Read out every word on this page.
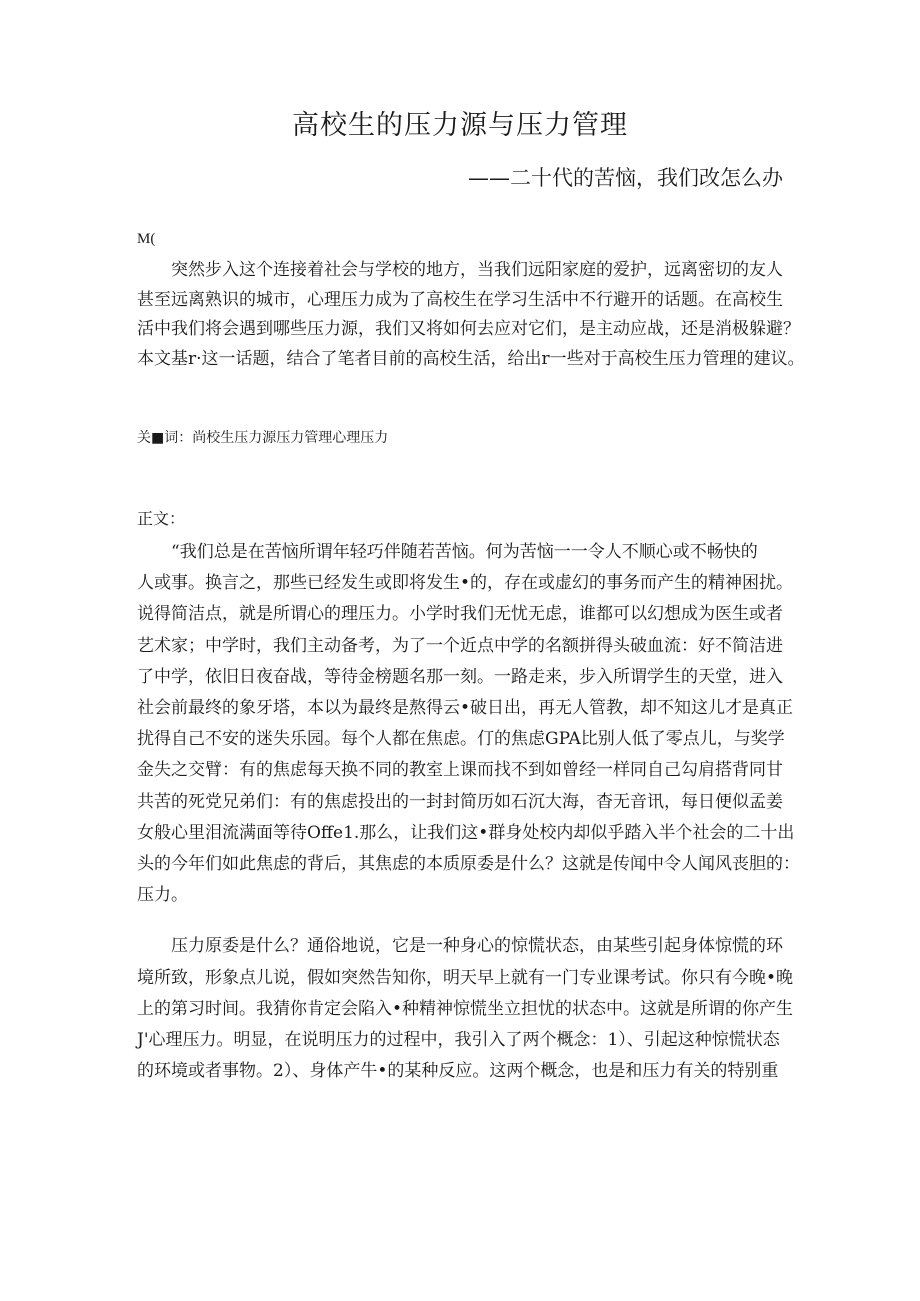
高校生的压力源与压力管理

——二十代的苦恼，我们改怎么办

M(
　　突然步入这个连接着社会与学校的地方，当我们远阳家庭的爱护，远离密切的友人
甚至远离熟识的城市，心理压力成为了高校生在学习生活中不行避开的话题。在高校生
活中我们将会遇到哪些压力源，我们又将如何去应对它们，是主动应战，还是消极躲避？
本文基r·这一话题，结合了笔者目前的高校生活，给出r一些对于高校生压力管理的建议。
关■词：尚校生压力源压力管理心理压力
正文：
　　“我们总是在苦恼所谓年轻巧伴随若苦恼。何为苦恼一一令人不顺心或不畅快的
人或事。换言之，那些已经发生或即将发生•的，存在或虚幻的事务而产生的精神困扰。
说得简洁点，就是所谓心的理压力。小学时我们无忧无虑，谁都可以幻想成为医生或者
艺术家；中学时，我们主动备考，为了一个近点中学的名额拼得头破血流：好不简洁进
了中学，依旧日夜奋战，等待金榜题名那一刻。一路走来，步入所谓学生的天堂，进入
社会前最终的象牙塔，本以为最终是熬得云•破日出，再无人管教，却不知这儿才是真正
扰得自己不安的迷失乐园。每个人都在焦虑。仃的焦虑GPA比别人低了零点儿，与奖学
金失之交臂：有的焦虑每天换不同的教室上课而找不到如曾经一样同自己勾肩搭背同甘
共苦的死党兄弟们：有的焦虑投出的一封封简历如石沉大海，杳无音讯，每日便似孟姜
女般心里泪流满面等待Offe1.那么，让我们这•群身处校内却似乎踏入半个社会的二十出
头的今年们如此焦虑的背后，其焦虑的本质原委是什么？这就是传闻中令人闻风丧胆的：
压力。
　　压力原委是什么？通俗地说，它是一种身心的惊慌状态，由某些引起身体惊慌的环
境所致，形象点儿说，假如突然告知你，明天早上就有一门专业课考试。你只有今晚•晚
上的第习时间。我猜你肯定会陷入•种精神惊慌坐立担忧的状态中。这就是所谓的你产生
J'心理压力。明显，在说明压力的过程中，我引入了两个概念：1）、引起这种惊慌状态
的环境或者事物。2）、身体产牛•的某种反应。这两个概念，也是和压力有关的特别重
